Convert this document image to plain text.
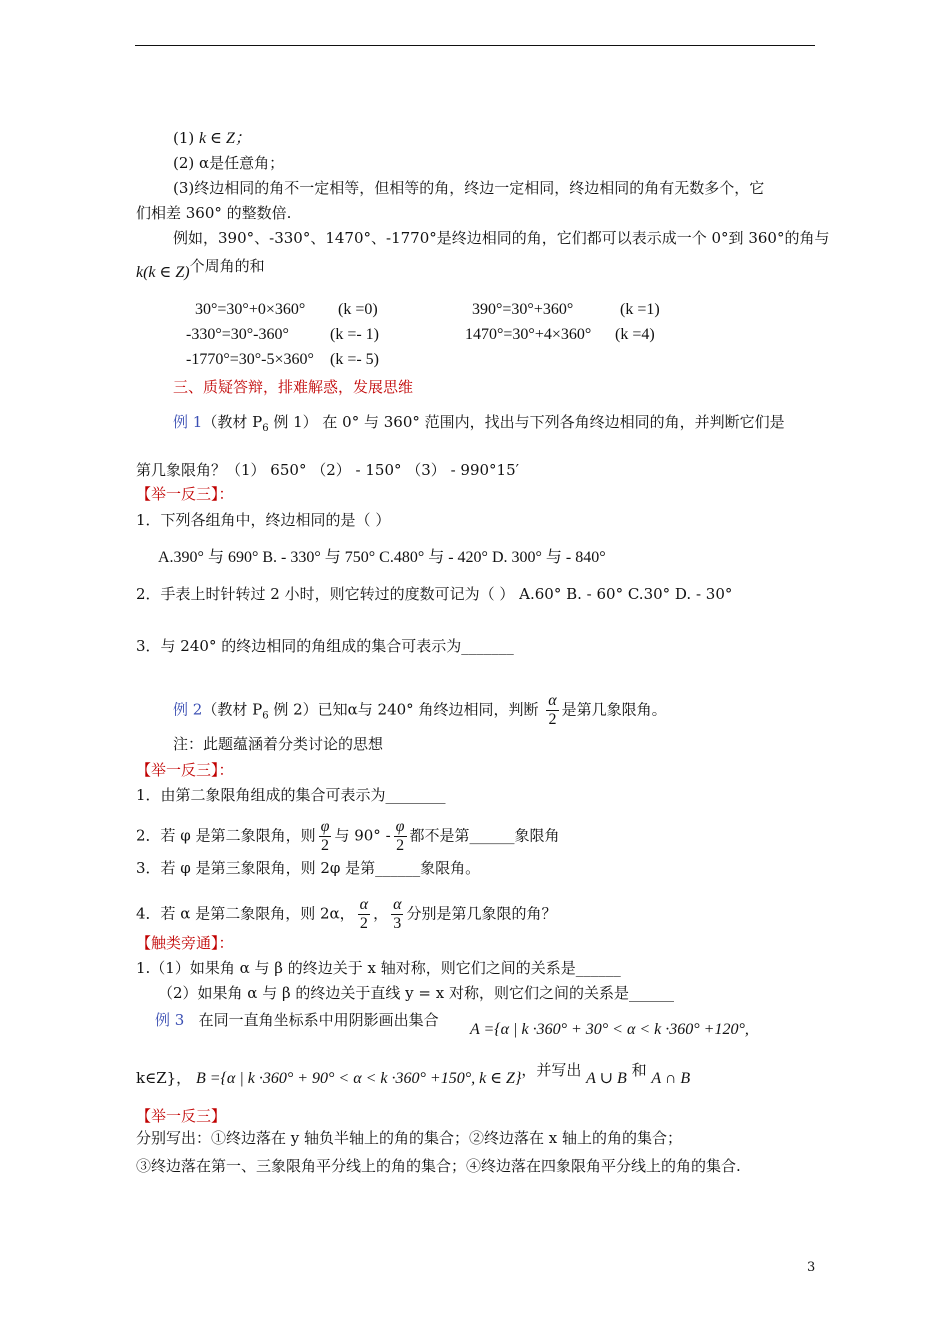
(1) k ∈ Z；
(2) α是任意角；
(3)终边相同的角不一定相等，但相等的角，终边一定相同，终边相同的角有无数多个，它
们相差 360° 的整数倍.
例如，390°、-330°、1470°、-1770°是终边相同的角，它们都可以表示成一个 0°到 360°的角与
k(k ∈ Z)个周角的和
30°=30°+0×360° (k =0)	390°=30°+360°	(k =1)
-330°=30°-360°	(k =- 1)	1470°=30°+4×360° (k =4)
-1770°=30°-5×360° (k =- 5)
三、质疑答辩，排难解惑，发展思维
例 1（教材 $P_6$ 例 1） 在 0° 与 360° 范围内，找出与下列各角终边相同的角，并判断它们是
第几象限角？（1） 650° （2） - 150° （3） - 990°15′
【举一反三】：
1．下列各组角中，终边相同的是（ ）
A.390° 与 690° B. - 330° 与 750° C.480° 与 - 420° D. 300° 与 - 840°
2．手表上时针转过 2 小时，则它转过的度数可记为（ ） A.60° B. - 60° C.30° D. - 30°
3．与 240° 的终边相同的角组成的集合可表示为_______
例 2（教材 $P_6$ 例 2）已知α与 240° 角终边相同，判断 $\frac{\alpha}{2}$ 是第几象限角。
注：此题蕴涵着分类讨论的思想
【举一反三】：
1．由第二象限角组成的集合可表示为________
2．若 φ 是第二象限角，则 $\frac{\varphi}{2}$ 与 $90^\circ - \frac{\varphi}{2}$ 都不是第______象限角
3．若 φ 是第三象限角，则 2φ 是第______象限角。
4．若 α 是第二象限角，则 2α， $\frac{\alpha}{2}$ ， $\frac{\alpha}{3}$ 分别是第几象限的角？
【触类旁通】：
1.（1）如果角 α 与 β 的终边关于 x 轴对称，则它们之间的关系是______
（2）如果角 α 与 β 的终边关于直线 y = x 对称，则它们之间的关系是______
例 3 在同一直角坐标系中用阴影画出集合
A ={α | k ·360° + 30° < α < k ·360° +120°,
k∈Z}， B ={α | k ·360° + 90° < α < k ·360° +150°, k ∈ Z}，并写出 A ∪ B 和 A ∩ B
【举一反三】
分别写出：①终边落在 y 轴负半轴上的角的集合；②终边落在 x 轴上的角的集合；
③终边落在第一、三象限角平分线上的角的集合；④终边落在四象限角平分线上的角的集合.
3
